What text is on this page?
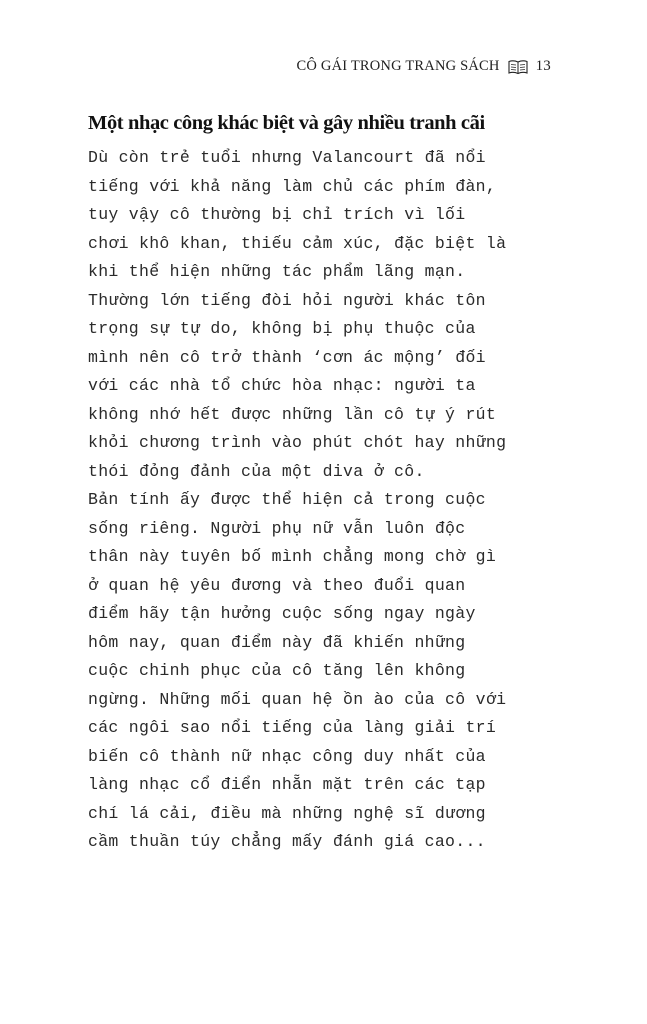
CÔ GÁI TRONG TRANG SÁCH 13
Một nhạc công khác biệt và gây nhiều tranh cãi
Dù còn trẻ tuổi nhưng Valancourt đã nổi
tiếng với khả năng làm chủ các phím đàn,
tuy vậy cô thường bị chỉ trích vì lối
chơi khô khan, thiếu cảm xúc, đặc biệt là
khi thể hiện những tác phẩm lãng mạn.
Thường lớn tiếng đòi hỏi người khác tôn
trọng sự tự do, không bị phụ thuộc của
mình nên cô trở thành ‘cơn ác mộng’ đối
với các nhà tổ chức hòa nhạc: người ta
không nhớ hết được những lần cô tự ý rút
khỏi chương trình vào phút chót hay những
thói đỏng đảnh của một diva ở cô.
Bản tính ấy được thể hiện cả trong cuộc
sống riêng. Người phụ nữ vẫn luôn độc
thân này tuyên bố mình chẳng mong chờ gì
ở quan hệ yêu đương và theo đuổi quan
điểm hãy tận hưởng cuộc sống ngay ngày
hôm nay, quan điểm này đã khiến những
cuộc chinh phục của cô tăng lên không
ngừng. Những mối quan hệ ồn ào của cô với
các ngôi sao nổi tiếng của làng giải trí
biến cô thành nữ nhạc công duy nhất của
làng nhạc cổ điển nhẵn mặt trên các tạp
chí lá cải, điều mà những nghệ sĩ dương
cầm thuần túy chẳng mấy đánh giá cao...
